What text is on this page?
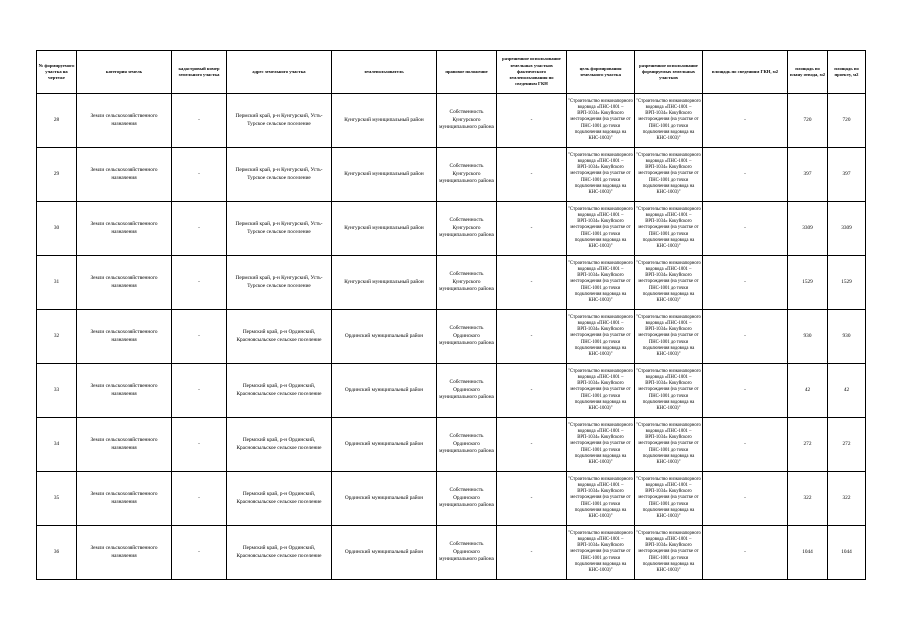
№ формируемого участка на чертеже	категория земель	кадастровый номер земельного участка	адрес земельного участка	землепользователь	правовое положение	разрешенное использование земельных участков фактического землепользования по сведениям ГКН	цель формирования земельного участка	разрешенное использование формируемых земельных участков	площадь по сведениям ГКН, м2	площадь по плану отвода, м2	площадь по проекту, м2
28	Земли сельскохозяйственного назначения	-	Пермский край, р-н Кунгурский, Усть-Турское сельское поселение	Кунгурский муниципальный район	Собственность Кунгурского муниципального района	-	"Строительство низконапорного водовода «ПНС-1001 – ВРП-1034» Кокуйского месторождения (на участке от ПНС-1001 до точки подключения водовода на КНС-1003)"	"Строительство низконапорного водовода «ПНС-1001 – ВРП-1034» Кокуйского месторождения (на участке от ПНС-1001 до точки подключения водовода на КНС-1003)"	-	720	720
29	Земли сельскохозяйственного назначения	-	Пермский край, р-н Кунгурский, Усть-Турское сельское поселение	Кунгурский муниципальный район	Собственность Кунгурского муниципального района	-	"Строительство низконапорного водовода «ПНС-1001 – ВРП-1034» Кокуйского месторождения (на участке от ПНС-1001 до точки подключения водовода на КНС-1003)"	"Строительство низконапорного водовода «ПНС-1001 – ВРП-1034» Кокуйского месторождения (на участке от ПНС-1001 до точки подключения водовода на КНС-1003)"	-	397	397
30	Земли сельскохозяйственного назначения	-	Пермский край, р-н Кунгурский, Усть-Турское сельское поселение	Кунгурский муниципальный район	Собственность Кунгурского муниципального района	-	"Строительство низконапорного водовода «ПНС-1001 – ВРП-1034» Кокуйского месторождения (на участке от ПНС-1001 до точки подключения водовода на КНС-1003)"	"Строительство низконапорного водовода «ПНС-1001 – ВРП-1034» Кокуйского месторождения (на участке от ПНС-1001 до точки подключения водовода на КНС-1003)"	-	3309	3309
31	Земли сельскохозяйственного назначения	-	Пермский край, р-н Кунгурский, Усть-Турское сельское поселение	Кунгурский муниципальный район	Собственность Кунгурского муниципального района	-	"Строительство низконапорного водовода «ПНС-1001 – ВРП-1034» Кокуйского месторождения (на участке от ПНС-1001 до точки подключения водовода на КНС-1003)"	"Строительство низконапорного водовода «ПНС-1001 – ВРП-1034» Кокуйского месторождения (на участке от ПНС-1001 до точки подключения водовода на КНС-1003)"	-	1529	1529
32	Земли сельскохозяйственного назначения	-	Пермский край, р-н Ординский, Красноясыльское сельское поселение	Ординский муниципальный район	Собственность Ординского муниципального района	-	"Строительство низконапорного водовода «ПНС-1001 – ВРП-1034» Кокуйского месторождения (на участке от ПНС-1001 до точки подключения водовода на КНС-1003)"	"Строительство низконапорного водовода «ПНС-1001 – ВРП-1034» Кокуйского месторождения (на участке от ПНС-1001 до точки подключения водовода на КНС-1003)"	-	930	930
33	Земли сельскохозяйственного назначения	-	Пермский край, р-н Ординский, Красноясыльское сельское поселение	Ординский муниципальный район	Собственность Ординского муниципального района	-	"Строительство низконапорного водовода «ПНС-1001 – ВРП-1034» Кокуйского месторождения (на участке от ПНС-1001 до точки подключения водовода на КНС-1003)"	"Строительство низконапорного водовода «ПНС-1001 – ВРП-1034» Кокуйского месторождения (на участке от ПНС-1001 до точки подключения водовода на КНС-1003)"	-	42	42
34	Земли сельскохозяйственного назначения	-	Пермский край, р-н Ординский, Красноясыльское сельское поселение	Ординский муниципальный район	Собственность Ординского муниципального района	-	"Строительство низконапорного водовода «ПНС-1001 – ВРП-1034» Кокуйского месторождения (на участке от ПНС-1001 до точки подключения водовода на КНС-1003)"	"Строительство низконапорного водовода «ПНС-1001 – ВРП-1034» Кокуйского месторождения (на участке от ПНС-1001 до точки подключения водовода на КНС-1003)"	-	272	272
35	Земли сельскохозяйственного назначения	-	Пермский край, р-н Ординский, Красноясыльское сельское поселение	Ординский муниципальный район	Собственность Ординского муниципального района	-	"Строительство низконапорного водовода «ПНС-1001 – ВРП-1034» Кокуйского месторождения (на участке от ПНС-1001 до точки подключения водовода на КНС-1003)"	"Строительство низконапорного водовода «ПНС-1001 – ВРП-1034» Кокуйского месторождения (на участке от ПНС-1001 до точки подключения водовода на КНС-1003)"	-	322	322
36	Земли сельскохозяйственного назначения	-	Пермский край, р-н Ординский, Красноясыльское сельское поселение	Ординский муниципальный район	Собственность Ординского муниципального района	-	"Строительство низконапорного водовода «ПНС-1001 – ВРП-1034» Кокуйского месторождения (на участке от ПНС-1001 до точки подключения водовода на КНС-1003)"	"Строительство низконапорного водовода «ПНС-1001 – ВРП-1034» Кокуйского месторождения (на участке от ПНС-1001 до точки подключения водовода на КНС-1003)"	-	1044	1044
